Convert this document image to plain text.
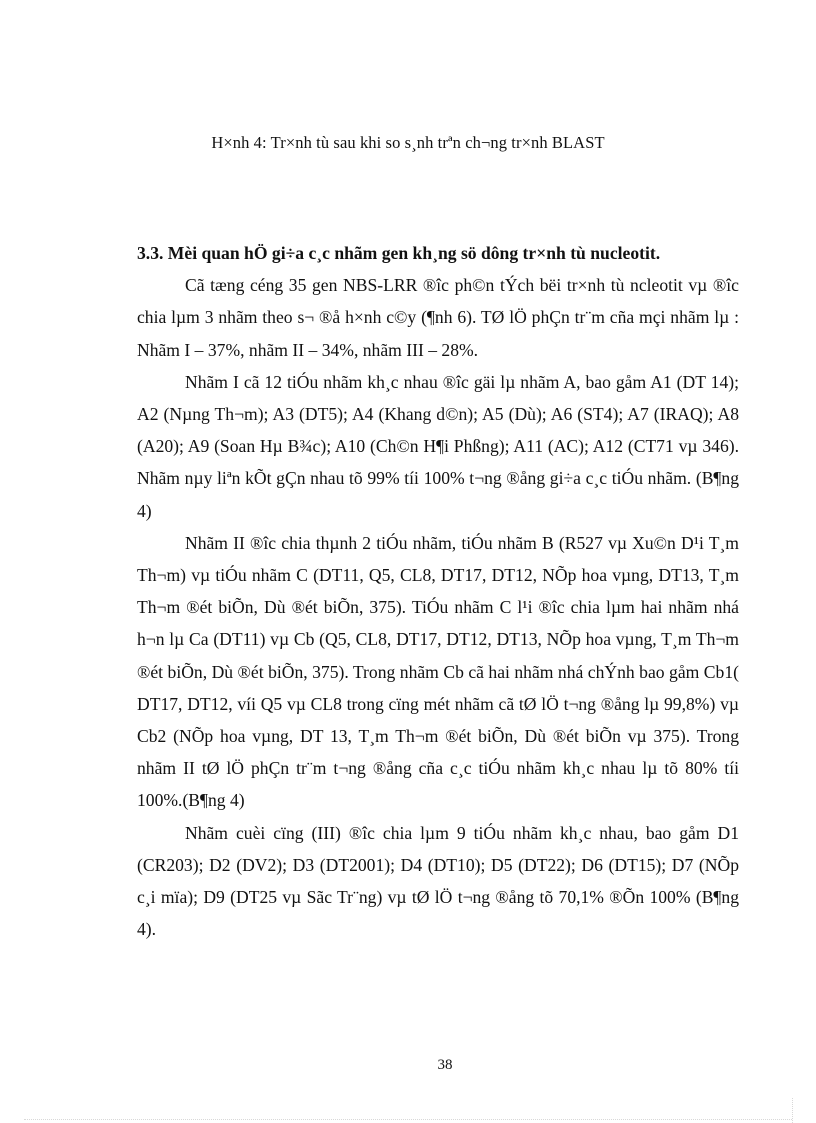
H×nh 4: Tr×nh tù sau khi so s¸nh trªn ch¬ng tr×nh BLAST

3.3. Mèi quan hÖ gi÷a c¸c nhãm gen kh¸ng sö dông tr×nh tù nucleotit.

Cã tæng céng 35 gen NBS-LRR ®îc ph©n tÝch bëi tr×nh tù ncleotit vµ ®îc chia lµm 3 nhãm theo s¬ ®å h×nh c©y (¶nh 6). TØ lÖ phÇn tr¨m cña mçi nhãm lµ : Nhãm I – 37%, nhãm II – 34%, nhãm III – 28%.

Nhãm I cã 12 tiÓu nhãm kh¸c nhau ®îc gäi lµ nhãm A, bao gåm A1 (DT 14); A2 (Nµng Th¬m); A3 (DT5); A4 (Khang d©n); A5 (Dù); A6 (ST4); A7 (IRAQ); A8 (A20); A9 (Soan Hµ B¾c); A10 (Ch©n H¶i Phßng); A11 (AC); A12 (CT71 vµ 346). Nhãm nµy liªn kÕt gÇn nhau tõ 99% tíi 100% t¬ng ®ång gi÷a c¸c tiÓu nhãm. (B¶ng 4)

Nhãm II ®îc chia thµnh 2 tiÓu nhãm, tiÓu nhãm B (R527 vµ Xu©n D¹i T¸m Th¬m) vµ tiÓu nhãm C (DT11, Q5, CL8, DT17, DT12, NÕp hoa vµng, DT13, T¸m Th¬m ®ét biÕn, Dù ®ét biÕn, 375). TiÓu nhãm C l¹i ®îc chia lµm hai nhãm nhá h¬n lµ Ca (DT11) vµ Cb (Q5, CL8, DT17, DT12, DT13, NÕp hoa vµng, T¸m Th¬m ®ét biÕn, Dù ®ét biÕn, 375). Trong nhãm Cb cã hai nhãm nhá chÝnh bao gåm Cb1( DT17, DT12, víi Q5 vµ CL8 trong cïng mét nhãm cã tØ lÖ t¬ng ®ång lµ 99,8%) vµ Cb2 (NÕp hoa vµng, DT 13, T¸m Th¬m ®ét biÕn, Dù ®ét biÕn vµ 375). Trong nhãm II tØ lÖ phÇn tr¨m t¬ng ®ång cña c¸c tiÓu nhãm kh¸c nhau lµ tõ 80% tíi 100%.(B¶ng 4)

Nhãm cuèi cïng (III) ®îc chia lµm 9 tiÓu nhãm kh¸c nhau, bao gåm D1 (CR203); D2 (DV2); D3 (DT2001); D4 (DT10); D5 (DT22); D6 (DT15); D7 (NÕp c¸i mïa); D9 (DT25 vµ Sãc Tr¨ng) vµ tØ lÖ t¬ng ®ång tõ 70,1% ®Õn 100% (B¶ng 4).

38
